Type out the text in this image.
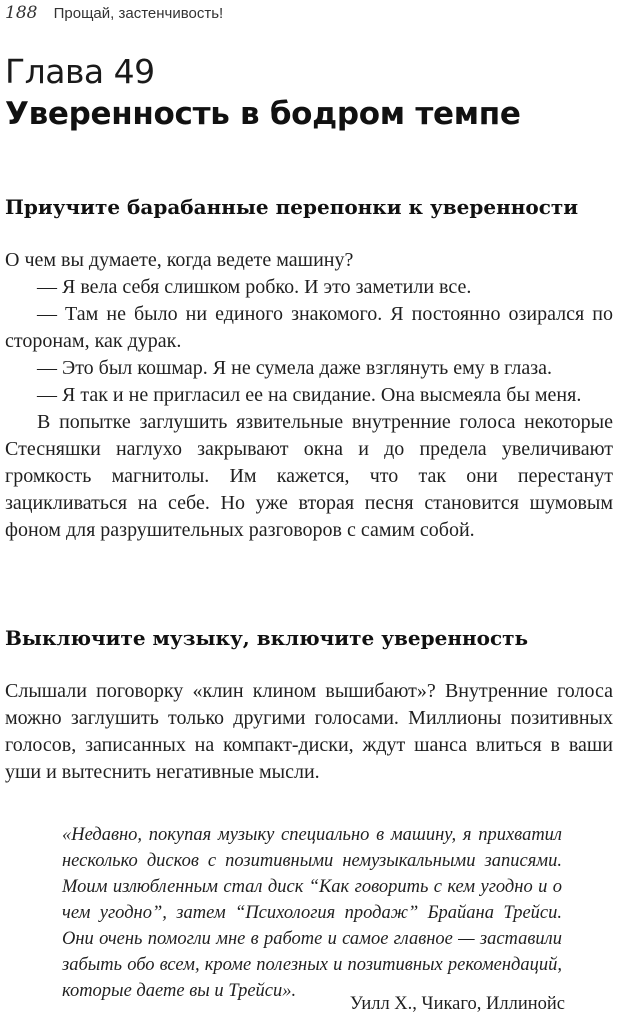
188 Прощай, застенчивость!
Глава 49
Уверенность в бодром темпе
Приучите барабанные перепонки к уверенности

О чем вы думаете, когда ведете машину?

— Я вела себя слишком робко. И это заметили все.

— Там не было ни единого знакомого. Я постоянно озирался по сторонам, как дурак.

— Это был кошмар. Я не сумела даже взглянуть ему в глаза.

— Я так и не пригласил ее на свидание. Она высмеяла бы меня.

В попытке заглушить язвительные внутренние голоса некоторые Стесняшки наглухо закрывают окна и до предела увеличивают громкость магнитолы. Им кажется, что так они перестанут зацикливаться на себе. Но уже вторая песня становится шумовым фоном для разрушительных разговоров с самим собой.

Выключите музыку, включите уверенность

Слышали поговорку «клин клином вышибают»? Внутренние голоса можно заглушить только другими голосами. Миллионы позитивных голосов, записанных на компакт-диски, ждут шанса влиться в ваши уши и вытеснить негативные мысли.

«Недавно, покупая музыку специально в машину, я прихватил несколько дисков с позитивными немузыкальными записями. Моим излюбленным стал диск “Как говорить с кем угодно и о чем угодно”, затем “Психология продаж” Брайана Трейси. Они очень помогли мне в работе и самое главное — заставили забыть обо всем, кроме полезных и позитивных рекомендаций, которые даете вы и Трейси».
Уилл Х., Чикаго, Иллинойс
